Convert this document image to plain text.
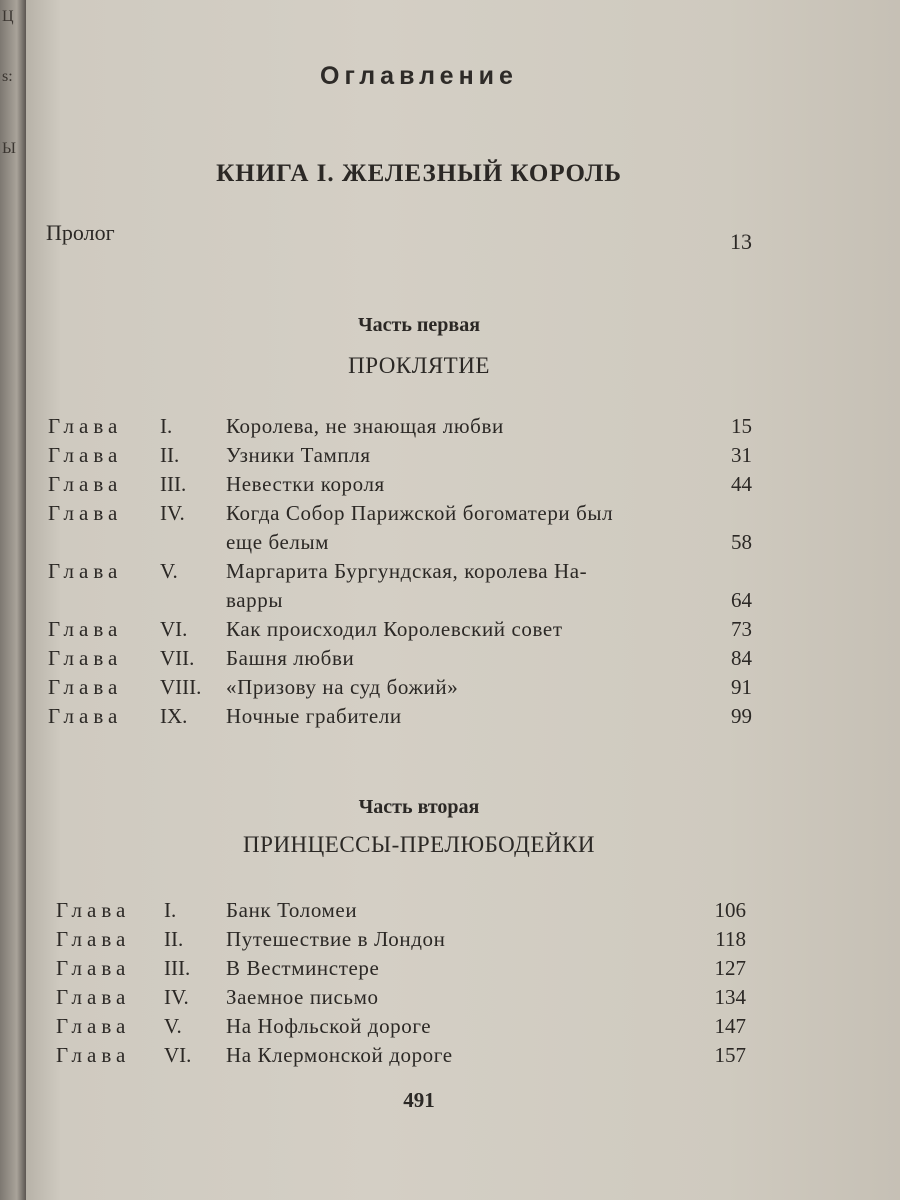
Ц
s:
Ы
Оглавление
КНИГА I. ЖЕЛЕЗНЫЙ КОРОЛЬ
Пролог	13
Часть первая
ПРОКЛЯТИЕ
Глава I.	Королева, не знающая любви	15
Глава II. Узники Тампля	31
Глава III. Невестки короля	44
Глава IV. Когда Собор Парижской богоматери был
еще белым	58
Глава V. Маргарита Бургундская, королева На-
варры	64
Глава VI. Как происходил Королевский совет	73
Глава VII. Башня любви	84
Глава VIII. «Призову на суд божий»	91
Глава IX. Ночные грабители	99
Часть вторая
ПРИНЦЕССЫ-ПРЕЛЮБОДЕЙКИ
Глава I. Банк Толомеи	106
Глава II. Путешествие в Лондон	118
Глава III. В Вестминстере	127
Глава IV. Заемное письмо	134
Глава V. На Нофльской дороге	147
Глава VI. На Клермонской дороге	157
491
